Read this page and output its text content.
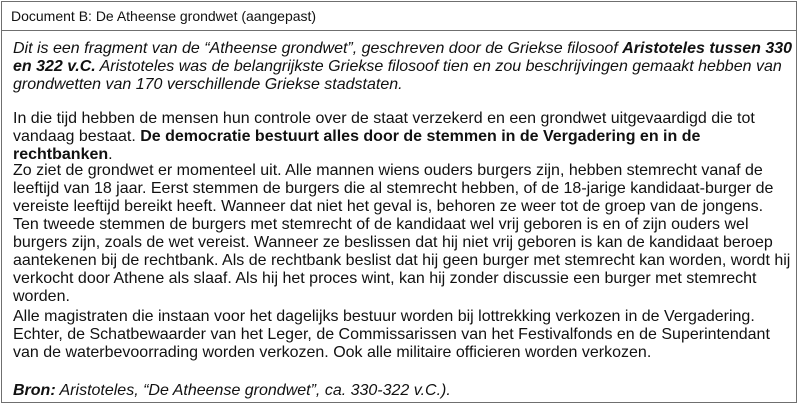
Document B: De Atheense grondwet (aangepast)

Dit is een fragment van de “Atheense grondwet”, geschreven door de Griekse filosoof Aristoteles tussen 330 en 322 v.C. Aristoteles was de belangrijkste Griekse filosoof tien en zou beschrijvingen gemaakt hebben van grondwetten van 170 verschillende Griekse stadstaten.

In die tijd hebben de mensen hun controle over de staat verzekerd en een grondwet uitgevaardigd die tot vandaag bestaat. De democratie bestuurt alles door de stemmen in de Vergadering en in de rechtbanken.

Zo ziet de grondwet er momenteel uit. Alle mannen wiens ouders burgers zijn, hebben stemrecht vanaf de leeftijd van 18 jaar. Eerst stemmen de burgers die al stemrecht hebben, of de 18-jarige kandidaat-burger de vereiste leeftijd bereikt heeft. Wanneer dat niet het geval is, behoren ze weer tot de groep van de jongens. Ten tweede stemmen de burgers met stemrecht of de kandidaat wel vrij geboren is en of zijn ouders wel burgers zijn, zoals de wet vereist. Wanneer ze beslissen dat hij niet vrij geboren is kan de kandidaat beroep aantekenen bij de rechtbank. Als de rechtbank beslist dat hij geen burger met stemrecht kan worden, wordt hij verkocht door Athene als slaaf. Als hij het proces wint, kan hij zonder discussie een burger met stemrecht worden.

Alle magistraten die instaan voor het dagelijks bestuur worden bij lottrekking verkozen in de Vergadering. Echter, de Schatbewaarder van het Leger, de Commissarissen van het Festivalfonds en de Superintendant van de waterbevoorrading worden verkozen. Ook alle militaire officieren worden verkozen.

Bron: Aristoteles, “De Atheense grondwet”, ca. 330-322 v.C.).
